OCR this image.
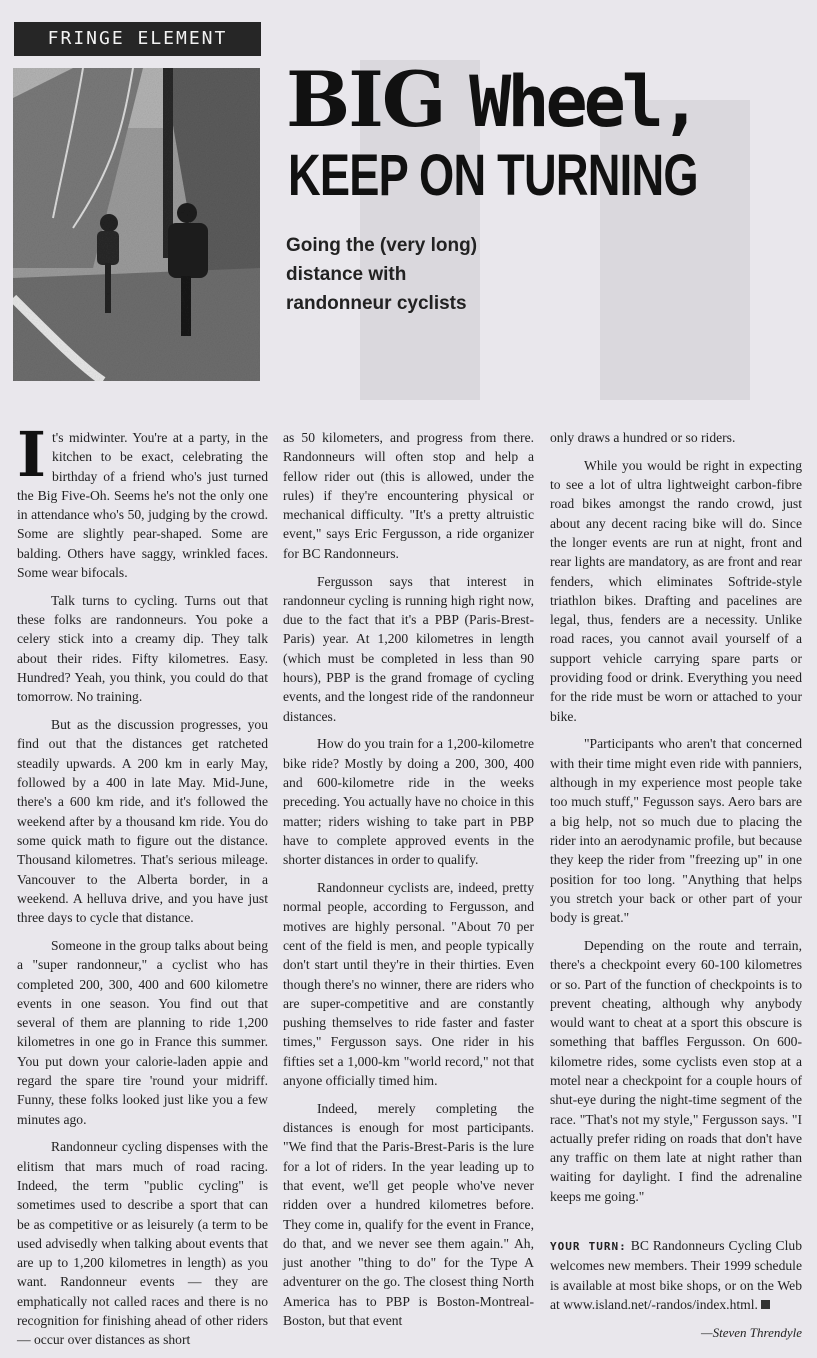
FRINGE ELEMENT
BIG Wheel,
KEEP ON TURNING
Going the (very long) distance with randonneur cyclists

It's midwinter. You're at a party, in the kitchen to be exact, celebrating the birthday of a friend who's just turned the Big Five-Oh. Seems he's not the only one in attendance who's 50, judging by the crowd. Some are slightly pear-shaped. Some are balding. Others have saggy, wrinkled faces. Some wear bifocals.

Talk turns to cycling. Turns out that these folks are randonneurs. You poke a celery stick into a creamy dip. They talk about their rides. Fifty kilometres. Easy. Hundred? Yeah, you think, you could do that tomorrow. No training.

But as the discussion progresses, you find out that the distances get ratcheted steadily upwards. A 200 km in early May, followed by a 400 in late May. Mid-June, there's a 600 km ride, and it's followed the weekend after by a thousand km ride. You do some quick math to figure out the distance. Thousand kilometres. That's serious mileage. Vancouver to the Alberta border, in a weekend. A helluva drive, and you have just three days to cycle that distance.

Someone in the group talks about being a "super randonneur," a cyclist who has completed 200, 300, 400 and 600 kilometre events in one season. You find out that several of them are planning to ride 1,200 kilometres in one go in France this summer. You put down your calorie-laden appie and regard the spare tire 'round your midriff. Funny, these folks looked just like you a few minutes ago.

Randonneur cycling dispenses with the elitism that mars much of road racing. Indeed, the term "public cycling" is sometimes used to describe a sport that can be as competitive or as leisurely (a term to be used advisedly when talking about events that are up to 1,200 kilometres in length) as you want. Randonneur events — they are emphatically not called races and there is no recognition for finishing ahead of other riders — occur over distances as short

as 50 kilometers, and progress from there. Randonneurs will often stop and help a fellow rider out (this is allowed, under the rules) if they're encountering physical or mechanical difficulty. "It's a pretty altruistic event," says Eric Fergusson, a ride organizer for BC Randonneurs.

Fergusson says that interest in randonneur cycling is running high right now, due to the fact that it's a PBP (Paris-Brest-Paris) year. At 1,200 kilometres in length (which must be completed in less than 90 hours), PBP is the grand fromage of cycling events, and the longest ride of the randonneur distances.

How do you train for a 1,200-kilometre bike ride? Mostly by doing a 200, 300, 400 and 600-kilometre ride in the weeks preceding. You actually have no choice in this matter; riders wishing to take part in PBP have to complete approved events in the shorter distances in order to qualify.

Randonneur cyclists are, indeed, pretty normal people, according to Fergusson, and motives are highly personal. "About 70 per cent of the field is men, and people typically don't start until they're in their thirties. Even though there's no winner, there are riders who are super-competitive and are constantly pushing themselves to ride faster and faster times," Fergusson says. One rider in his fifties set a 1,000-km "world record," not that anyone officially timed him.

Indeed, merely completing the distances is enough for most participants. "We find that the Paris-Brest-Paris is the lure for a lot of riders. In the year leading up to that event, we'll get people who've never ridden over a hundred kilometres before. They come in, qualify for the event in France, do that, and we never see them again." Ah, just another "thing to do" for the Type A adventurer on the go. The closest thing North America has to PBP is Boston-Montreal-Boston, but that event

only draws a hundred or so riders.

While you would be right in expecting to see a lot of ultra lightweight carbon-fibre road bikes amongst the rando crowd, just about any decent racing bike will do. Since the longer events are run at night, front and rear lights are mandatory, as are front and rear fenders, which eliminates Softride-style triathlon bikes. Drafting and pacelines are legal, thus, fenders are a necessity. Unlike road races, you cannot avail yourself of a support vehicle carrying spare parts or providing food or drink. Everything you need for the ride must be worn or attached to your bike.

"Participants who aren't that concerned with their time might even ride with panniers, although in my experience most people take too much stuff," Fegusson says. Aero bars are a big help, not so much due to placing the rider into an aerodynamic profile, but because they keep the rider from "freezing up" in one position for too long. "Anything that helps you stretch your back or other part of your body is great."

Depending on the route and terrain, there's a checkpoint every 60-100 kilometres or so. Part of the function of checkpoints is to prevent cheating, although why anybody would want to cheat at a sport this obscure is something that baffles Fergusson. On 600-kilometre rides, some cyclists even stop at a motel near a checkpoint for a couple hours of shut-eye during the night-time segment of the race. "That's not my style," Fergusson says. "I actually prefer riding on roads that don't have any traffic on them late at night rather than waiting for daylight. I find the adrenaline keeps me going."

YOUR TURN: BC Randonneurs Cycling Club welcomes new members. Their 1999 schedule is available at most bike shops, or on the Web at www.island.net/-randos/index.html.

—Steven Threndyle
